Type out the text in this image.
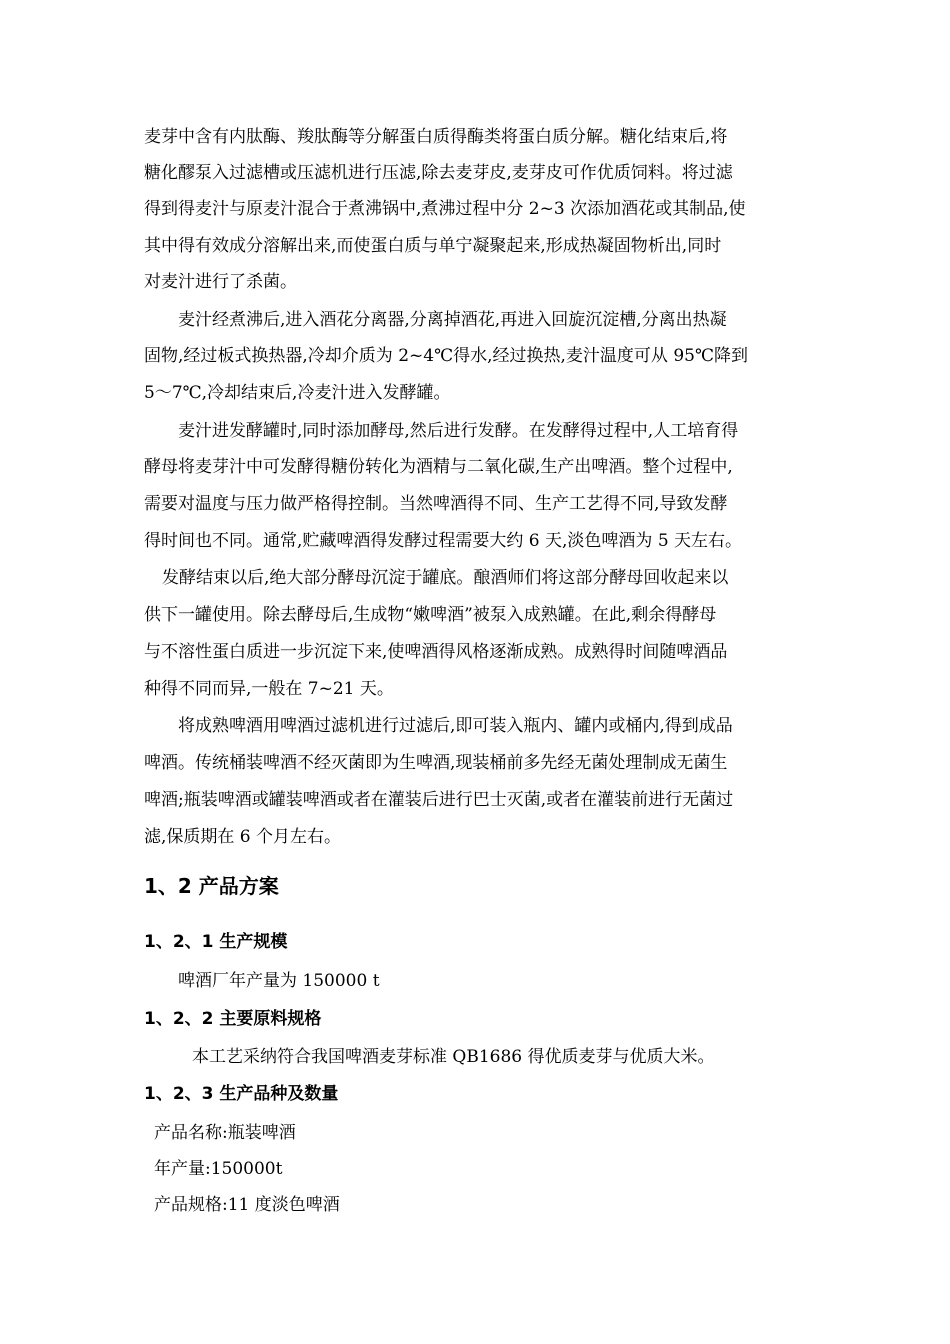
麦芽中含有内肽酶、羧肽酶等分解蛋白质得酶类将蛋白质分解。糖化结束后,将
糖化醪泵入过滤槽或压滤机进行压滤,除去麦芽皮,麦芽皮可作优质饲料。将过滤
得到得麦汁与原麦汁混合于煮沸锅中,煮沸过程中分 2~3 次添加酒花或其制品,使
其中得有效成分溶解出来,而使蛋白质与单宁凝聚起来,形成热凝固物析出,同时
对麦汁进行了杀菌。
麦汁经煮沸后,进入酒花分离器,分离掉酒花,再进入回旋沉淀槽,分离出热凝
固物,经过板式换热器,冷却介质为 2~4℃得水,经过换热,麦汁温度可从 95℃降到
5～7℃,冷却结束后,冷麦汁进入发酵罐。
麦汁进发酵罐时,同时添加酵母,然后进行发酵。在发酵得过程中,人工培育得
酵母将麦芽汁中可发酵得糖份转化为酒精与二氧化碳,生产出啤酒。整个过程中,
需要对温度与压力做严格得控制。当然啤酒得不同、生产工艺得不同,导致发酵
得时间也不同。通常,贮藏啤酒得发酵过程需要大约 6 天,淡色啤酒为 5 天左右。
发酵结束以后,绝大部分酵母沉淀于罐底。酿酒师们将这部分酵母回收起来以
供下一罐使用。除去酵母后,生成物“嫩啤酒”被泵入成熟罐。在此,剩余得酵母
与不溶性蛋白质进一步沉淀下来,使啤酒得风格逐渐成熟。成熟得时间随啤酒品
种得不同而异,一般在 7~21 天。
将成熟啤酒用啤酒过滤机进行过滤后,即可装入瓶内、罐内或桶内,得到成品
啤酒。传统桶装啤酒不经灭菌即为生啤酒,现装桶前多先经无菌处理制成无菌生
啤酒;瓶装啤酒或罐装啤酒或者在灌装后进行巴士灭菌,或者在灌装前进行无菌过
滤,保质期在 6 个月左右。
1、2 产品方案
1、2、1 生产规模
啤酒厂年产量为 150000 t
1、2、2 主要原料规格
本工艺采纳符合我国啤酒麦芽标准 QB1686 得优质麦芽与优质大米。
1、2、3 生产品种及数量
产品名称:瓶装啤酒
年产量:150000t
产品规格:11 度淡色啤酒
